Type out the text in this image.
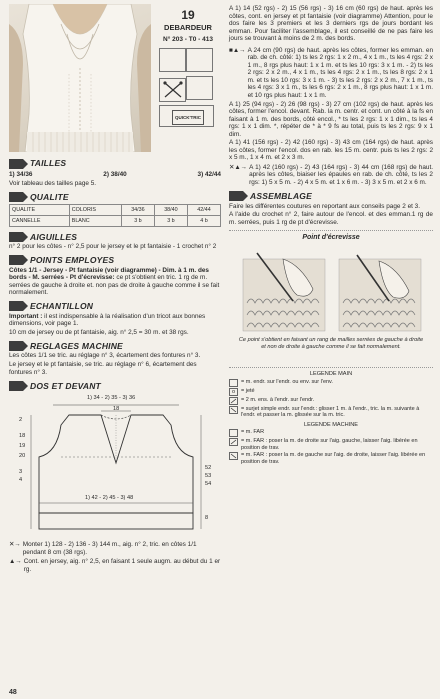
19
DEBARDEUR
N° 203 - T0 - 413

QUICK'TRIC
TAILLES
1) 34/36	2) 38/40	3) 42/44

Voir tableau des tailles page 5.

QUALITE
QUALITE	COLORIS	34/36	38/40	42/44
CANNELLE	BLANC	3 b	3 b	4 b
AIGUILLES

n° 2 pour les côtes - n° 2,5 pour le jersey et le pt fantaisie - 1 crochet n° 2

POINTS EMPLOYES

Côtes 1/1 - Jersey - Pt fantaisie (voir diagramme) - Dim. à 1 m. des bords - M. serrées - Pt d'écrevisse: ce pt s'obtient en tric. 1 rg de m. serrées de gauche à droite et. non pas de droite à gauche comme il se fait normalement.

ECHANTILLON

Important : il est indispensable à la réalisation d'un tricot aux bonnes dimensions, voir page 1.

10 cm de jersey ou de pt fantaisie, aig. n° 2,5 = 30 m. et 38 rgs.

REGLAGES MACHINE

Les côtes 1/1 se tric. au réglage n° 3, écartement des fontures n° 3.

Le jersey et le pt fantaisie, se tric. au réglage n° 6, écartement des fontures n° 3.

DOS ET DEVANT
1) 34 - 2) 35 - 3) 36
18
2
18
19
20
3
4
52
53
54
8
1) 42 - 2) 45 - 3) 48
✕→ Monter 1) 128 - 2) 136 - 3) 144 m., aig. n° 2, tric. en côtes 1/1 pendant 8 cm (38 rgs).
▲→ Cont. en jersey, aig. n° 2,5, en faisant 1 seule augm. au début du 1 er rg.

A 1) 14 (52 rgs) - 2) 15 (56 rgs) - 3) 16 cm (60 rgs) de haut. après les côtes, cont. en jersey et pt fantaisie (voir diagramme) Attention, pour le dos faire les 3 premiers et les 3 derniers rgs de jours bordant les emman. Pour faciliter l'assemblage, il est conseillé de ne pas faire les jours se trouvant à moins de 2 m. des bords.

■▲→ A 24 cm (90 rgs) de haut. après les côtes, former les emman. en rab. de ch. côté: 1) ts les 2 rgs: 1 x 2 m., 4 x 1 m., ts les 4 rgs: 2 x 1 m., 8 rgs plus haut: 1 x 1 m. et ts les 10 rgs: 3 x 1 m. - 2) ts les 2 rgs: 2 x 2 m., 4 x 1 m., ts les 4 rgs: 2 x 1 m., ts les 8 rgs: 2 x 1 m. et ts les 10 rgs: 3 x 1 m. - 3) ts les 2 rgs: 2 x 2 m., 7 x 1 m., ts les 4 rgs: 3 x 1 m., ts les 6 rgs: 2 x 1 m., 8 rgs plus haut: 1 x 1 m. et 10 rgs plus haut: 1 x 1 m.

A 1) 25 (94 rgs) - 2) 26 (98 rgs) - 3) 27 cm (102 rgs) de haut. après les côtes, former l'encol. devant. Rab. la m. centr. et cont. un côté à la fs en faisant à 1 m. des bords, côté encol., * ts les 2 rgs: 1 x 1 dim., ts les 4 rgs: 1 x 1 dim. *, répéter de * à * 9 fs au total, puis ts les 2 rgs: 9 x 1 dim.

A 1) 41 (156 rgs) - 2) 42 (160 rgs) - 3) 43 cm (164 rgs) de haut. après les côtes, former l'encol. dos en rab. les 15 m. centr. puis ts les 2 rgs: 2 x 5 m., 1 x 4 m. et 2 x 3 m.

✕▲→ A 1) 42 (160 rgs) - 2) 43 (164 rgs) - 3) 44 cm (168 rgs) de haut. après les côtes, biaiser les épaules en rab. de ch. côté, ts les 2 rgs: 1) 5 x 5 m. - 2) 4 x 5 m. et 1 x 6 m. - 3) 3 x 5 m. et 2 x 6 m.
ASSEMBLAGE

Faire les différentes coutures en reportant aux conseils page 2 et 3.

A l'aide du crochet n° 2, faire autour de l'encol. et des emman.1 rg de m. serrées, puis 1 rg de pt d'écrevisse.

Point d'écrevisse
Ce point s'obtient en faisant un rang de mailles serrées de gauche à droite et non de droite à gauche comme il se fait normalement.
LEGENDE MAIN
= m. endr. sur l'endr. ou env. sur l'env.
o	= jeté
= 2 m. ens. à l'endr. sur l'endr.
= surjet simple endr. sur l'endr.: glisser 1 m. à l'endr., tric. la m. suivante à l'endr. et passer la m. glissée sur la m. tric.
LEGENDE MACHINE
= m. FAR
= m. FAR : poser la m. de droite sur l'aig. gauche, laisser l'aig. libérée en position de trav.
= m. FAR : poser la m. de gauche sur l'aig. de droite, laisser l'aig. libérée en position de trav.
48
